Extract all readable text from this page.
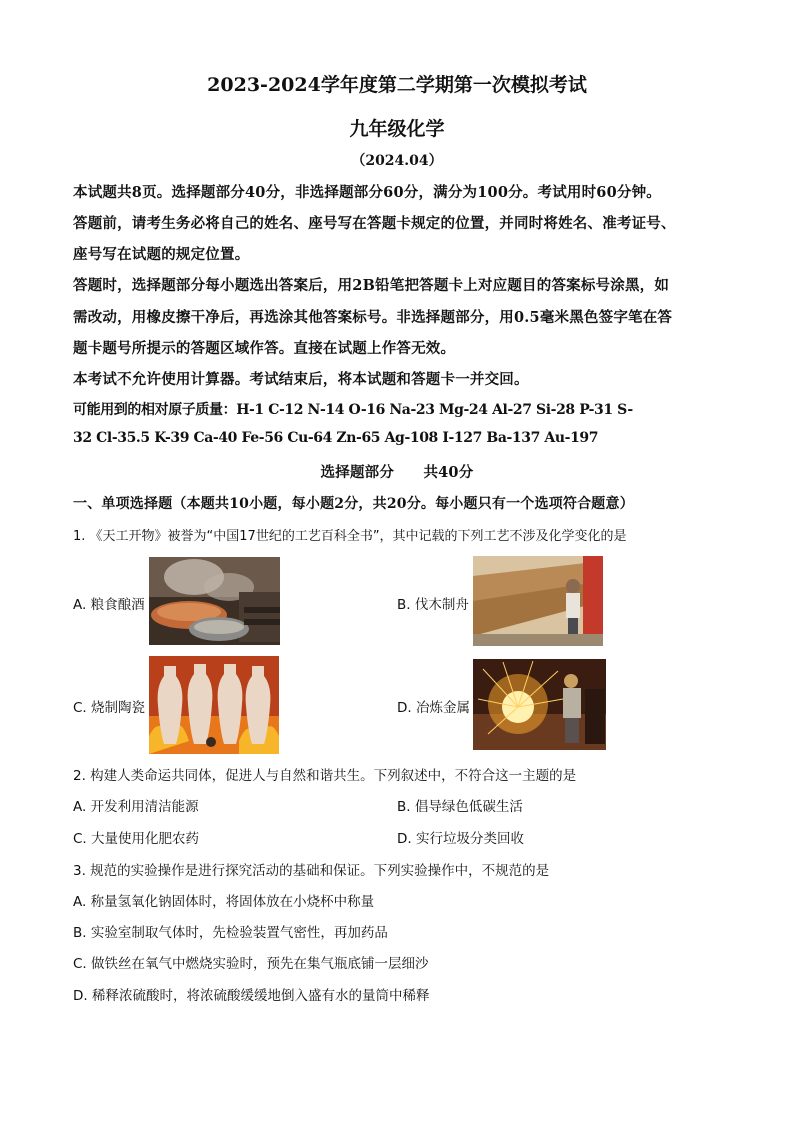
2023-2024学年度第二学期第一次模拟考试
九年级化学
（2024.04）
本试题共8页。选择题部分40分，非选择题部分60分，满分为100分。考试用时60分钟。
答题前，请考生务必将自己的姓名、座号写在答题卡规定的位置，并同时将姓名、准考证号、
座号写在试题的规定位置。
答题时，选择题部分每小题选出答案后，用2B铅笔把答题卡上对应题目的答案标号涂黑，如
需改动，用橡皮擦干净后，再选涂其他答案标号。非选择题部分，用0.5毫米黑色签字笔在答
题卡题号所提示的答题区域作答。直接在试题上作答无效。
本考试不允许使用计算器。考试结束后，将本试题和答题卡一并交回。
可能用到的相对原子质量：H-1 C-12 N-14 O-16 Na-23 Mg-24 Al-27 Si-28 P-31 S-
32 Cl-35.5 K-39 Ca-40 Fe-56 Cu-64 Zn-65 Ag-108 I-127 Ba-137 Au-197
选择题部分　　共40分
一、单项选择题（本题共10小题，每小题2分，共20分。每小题只有一个选项符合题意）
1. 《天工开物》被誉为“中国17世纪的工艺百科全书”，其中记载的下列工艺不涉及化学变化的是
A. 粮食酿酒	B. 伐木制舟
C. 烧制陶瓷	D. 冶炼金属
2. 构建人类命运共同体，促进人与自然和谐共生。下列叙述中，不符合这一主题的是
A. 开发利用清洁能源	B. 倡导绿色低碳生活
C. 大量使用化肥农药	D. 实行垃圾分类回收
3. 规范的实验操作是进行探究活动的基础和保证。下列实验操作中，不规范的是
A. 称量氢氧化钠固体时，将固体放在小烧杯中称量
B. 实验室制取气体时，先检验装置气密性，再加药品
C. 做铁丝在氧气中燃烧实验时，预先在集气瓶底铺一层细沙
D. 稀释浓硫酸时，将浓硫酸缓缓地倒入盛有水的量筒中稀释
